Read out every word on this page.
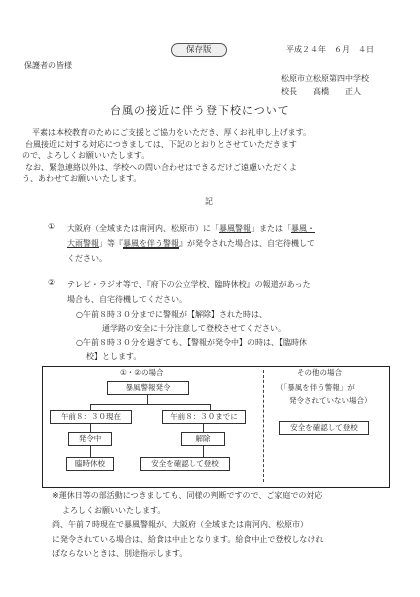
保存版	平成２４年　６月　４日
保護者の皆様
松原市立松原第四中学校
校長　　高橋　　正人
台風の接近に伴う登下校について
平素は本校教育のためにご支援とご協力をいただき、厚くお礼申し上げます。
台風接近に対する対応につきましては、下記のとおりとさせていただきます
ので、よろしくお願いいたします。
なお、緊急連絡以外は、学校への問い合わせはできるだけご遠慮いただくよ
う、あわせてお願いいたします。
記
① 大阪府（全域または南河内、松原市）に「暴風警報」または「暴風・
大雨警報」等『暴風を伴う警報』が発令された場合は、自宅待機して
ください。
② テレビ・ラジオ等で、『府下の公立学校、臨時休校』の報道があった
場合も、自宅待機してください。
○午前８時３０分までに警報が【解除】された時は、
通学路の安全に十分注意して登校させてください。
○午前８時３０分を過ぎても、【警報が発令中】の時は、【臨時休
校】とします。
①・②の場合
暴風警報発令
午前８：３０現在	午前８：３０までに
発令中	解除
臨時休校	安全を確認して登校
その他の場合
（「暴風を伴う警報」が
発令されていない場合）
安全を確認して登校
※運休日等の部活動につきましても、同様の判断ですので、ご家庭での対応
よろしくお願いいたします。
尚、午前７時現在で暴風警報が、大阪府（全域または南河内、松原市）
に発令されている場合は、給食は中止となります。給食中止で登校しなけれ
ばならないときは、別途指示します。
